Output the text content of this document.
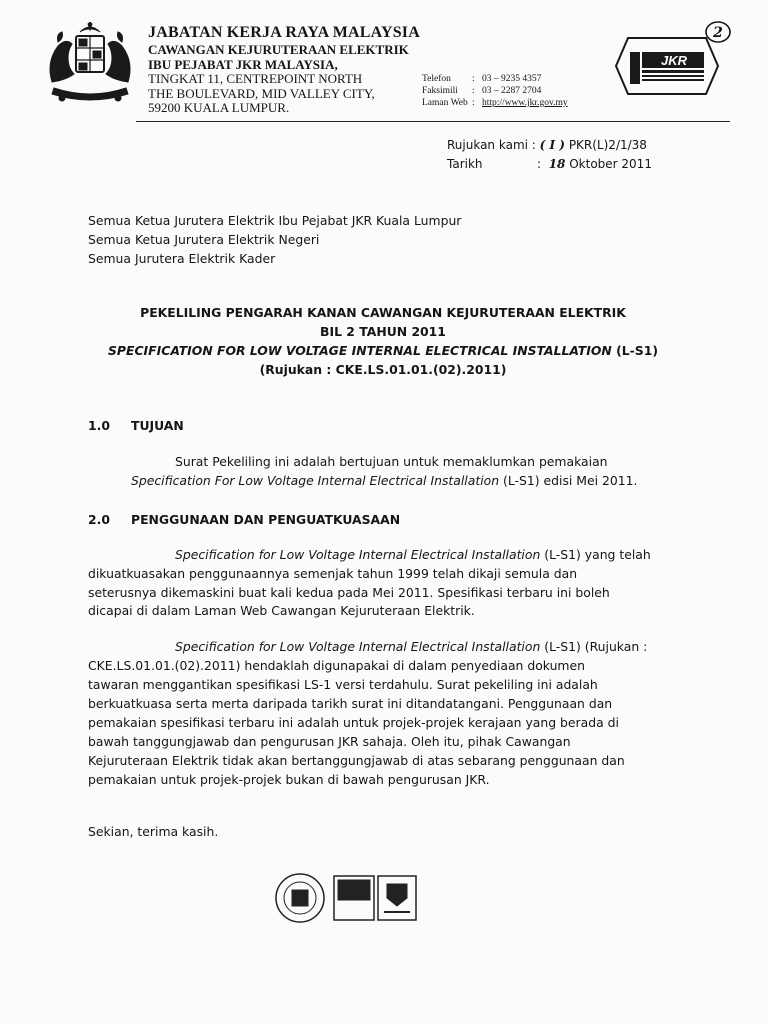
JABATAN KERJA RAYA MALAYSIA
CAWANGAN KEJURUTERAAN ELEKTRIK
IBU PEJABAT JKR MALAYSIA,
TINGKAT 11, CENTREPOINT NORTH
THE BOULEVARD, MID VALLEY CITY,
59200 KUALA LUMPUR.
Telefon : 03 – 9235 4357
Faksimili : 03 – 2287 2704
Laman Web : http://www.jkr.gov.my
JKR
2
Rujukan kami : ( I ) PKR(L)2/1/38
Tarikh	: 18 Oktober 2011
Semua Ketua Jurutera Elektrik Ibu Pejabat JKR Kuala Lumpur
Semua Ketua Jurutera Elektrik Negeri
Semua Jurutera Elektrik Kader
PEKELILING PENGARAH KANAN CAWANGAN KEJURUTERAAN ELEKTRIK
BIL 2 TAHUN 2011
SPECIFICATION FOR LOW VOLTAGE INTERNAL ELECTRICAL INSTALLATION (L-S1)
(Rujukan : CKE.LS.01.01.(02).2011)
1.0 TUJUAN
Surat Pekeliling ini adalah bertujuan untuk memaklumkan pemakaian
Specification For Low Voltage Internal Electrical Installation (L-S1) edisi Mei 2011.
2.0 PENGGUNAAN DAN PENGUATKUASAAN
Specification for Low Voltage Internal Electrical Installation (L-S1) yang telah
dikuatkuasakan penggunaannya semenjak tahun 1999 telah dikaji semula dan
seterusnya dikemaskini buat kali kedua pada Mei 2011. Spesifikasi terbaru ini boleh
dicapai di dalam Laman Web Cawangan Kejuruteraan Elektrik.
Specification for Low Voltage Internal Electrical Installation (L-S1) (Rujukan :
CKE.LS.01.01.(02).2011) hendaklah digunapakai di dalam penyediaan dokumen
tawaran menggantikan spesifikasi LS-1 versi terdahulu. Surat pekeliling ini adalah
berkuatkuasa serta merta daripada tarikh surat ini ditandatangani. Penggunaan dan
pemakaian spesifikasi terbaru ini adalah untuk projek-projek kerajaan yang berada di
bawah tanggungjawab dan pengurusan JKR sahaja. Oleh itu, pihak Cawangan
Kejuruteraan Elektrik tidak akan bertanggungjawab di atas sebarang penggunaan dan
pemakaian untuk projek-projek bukan di bawah pengurusan JKR.
Sekian, terima kasih.
